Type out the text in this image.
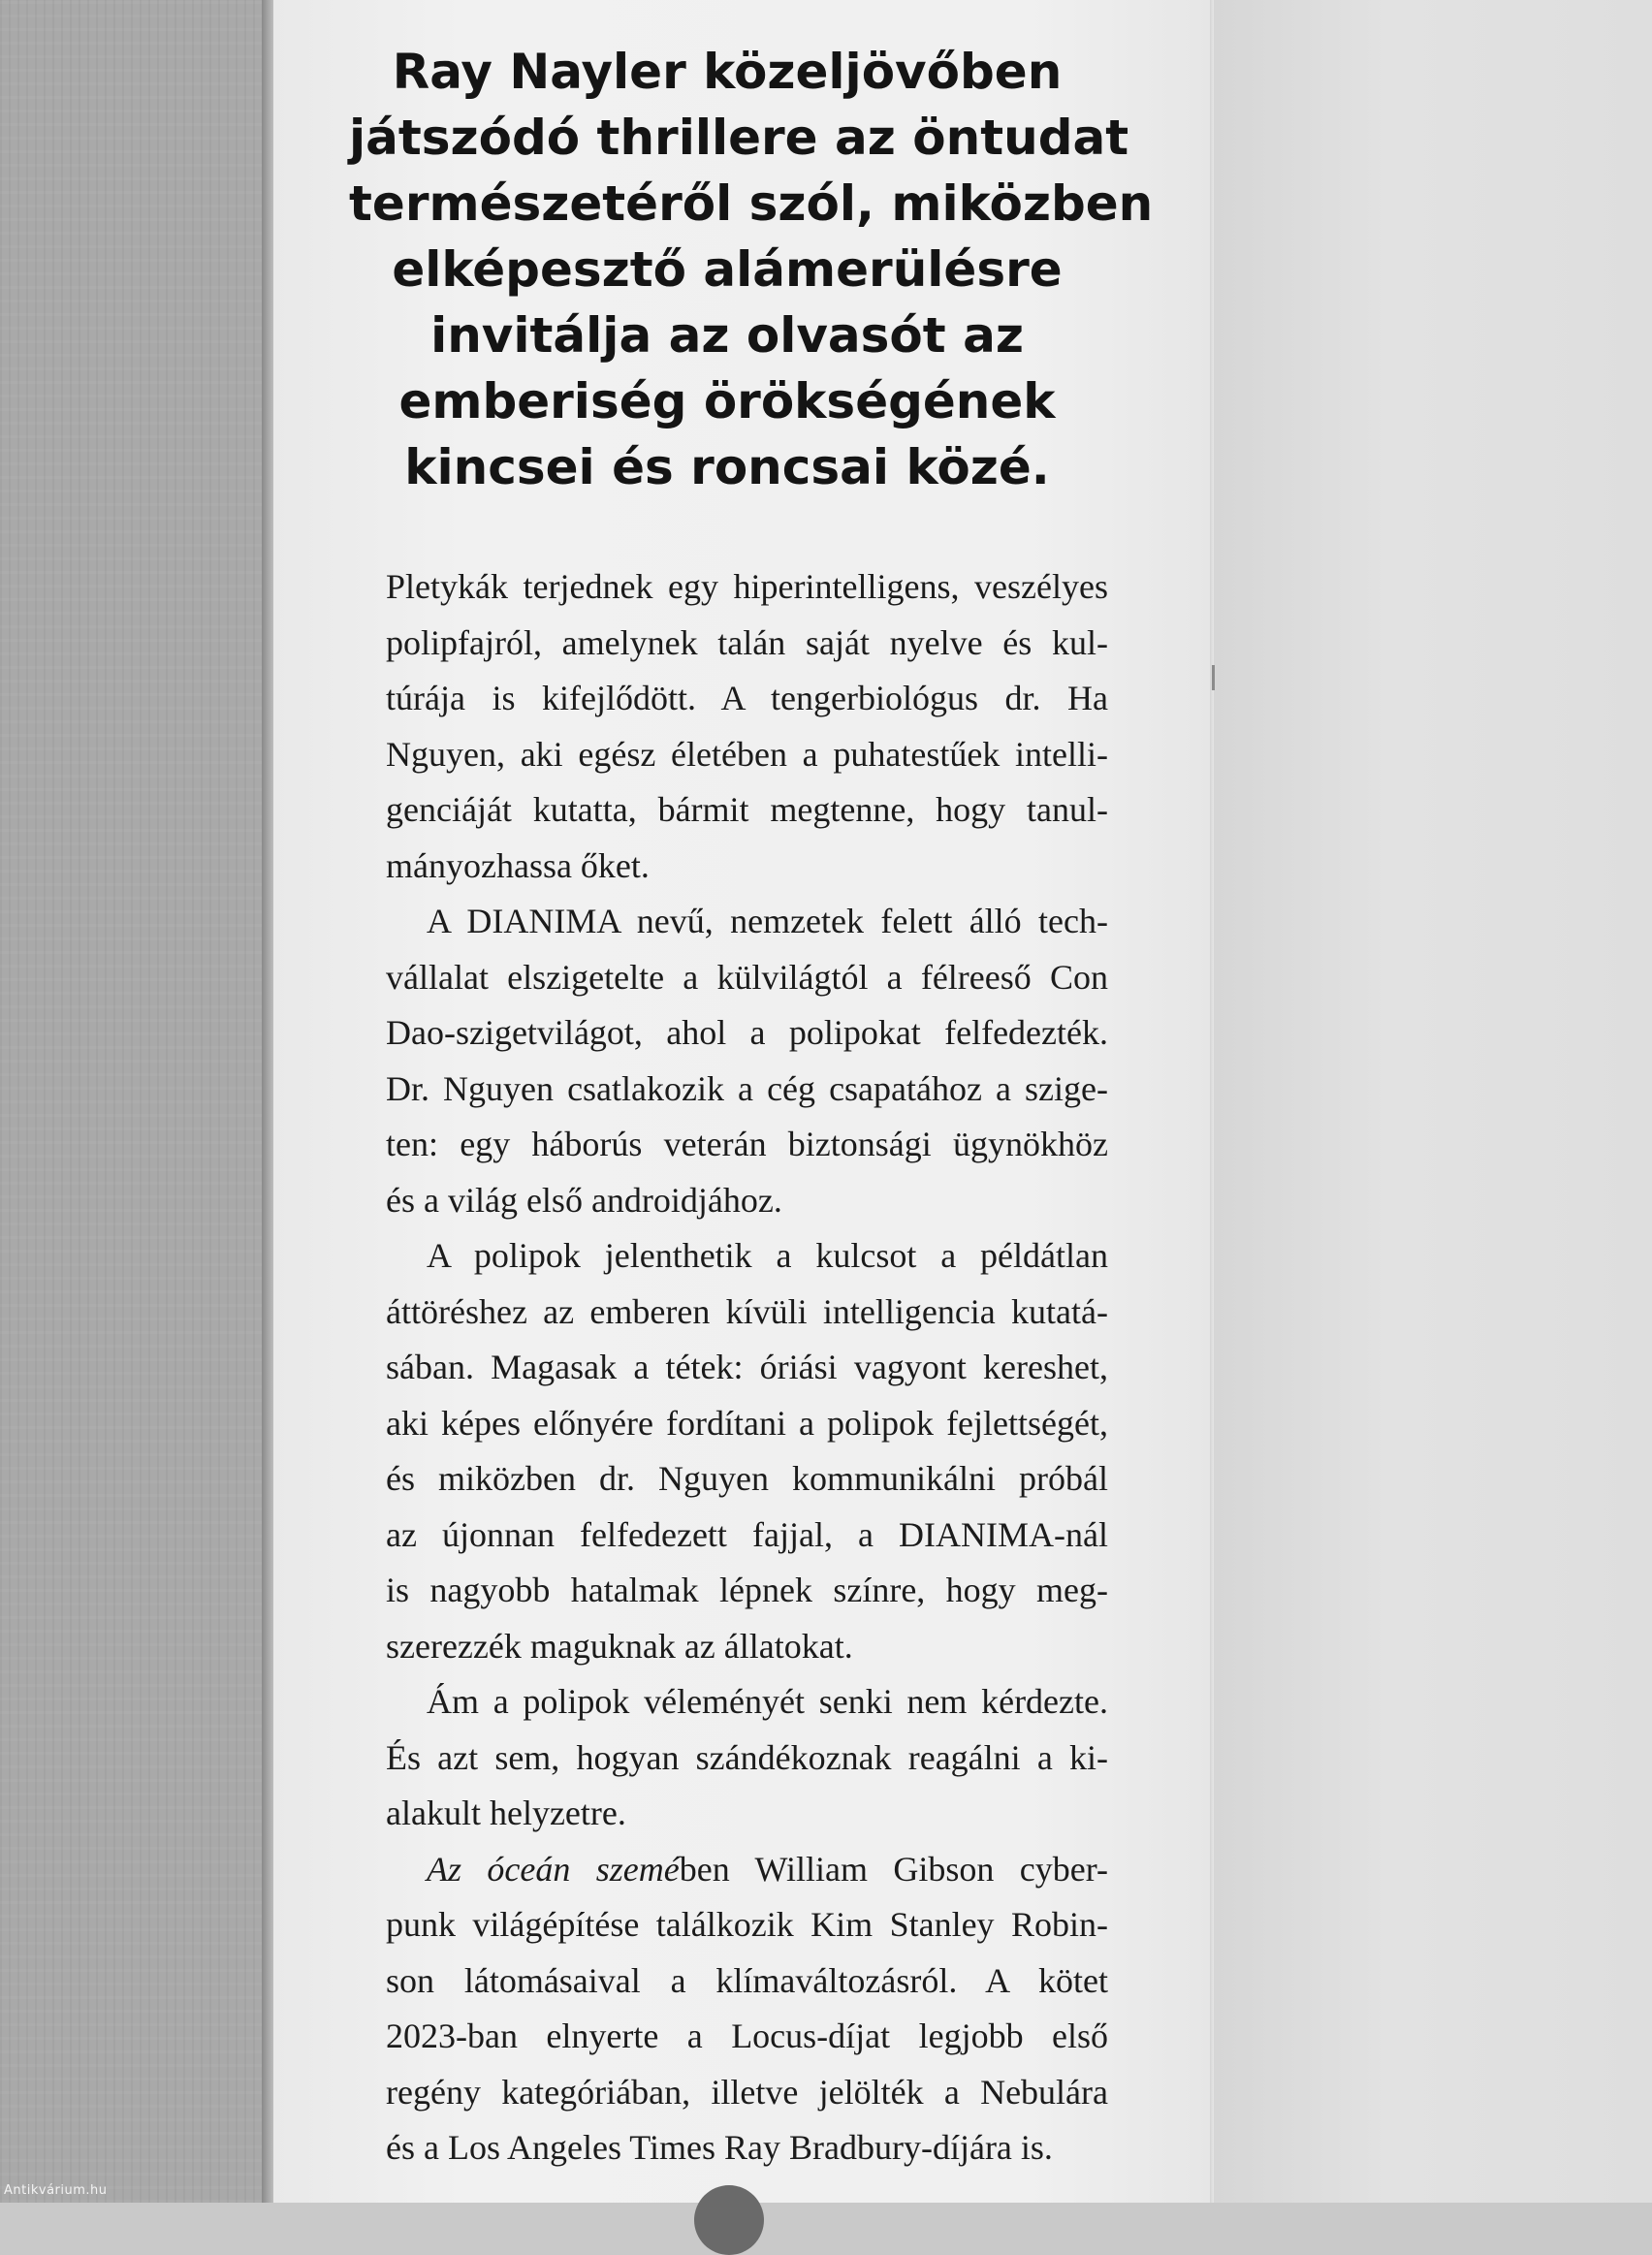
Ray Nayler közeljövőben
játszódó thrillere az öntudat
természetéről szól, miközben
elképesztő alámerülésre
invitálja az olvasót az
emberiség örökségének
kincsei és roncsai közé.
Pletykák terjednek egy hiperintelligens, veszélyes
polipfajról, amelynek talán saját nyelve és kul-
túrája is kifejlődött. A tengerbiológus dr. Ha
Nguyen, aki egész életében a puhatestűek intelli-
genciáját kutatta, bármit megtenne, hogy tanul-
mányozhassa őket.
A DIANIMA nevű, nemzetek felett álló tech-
vállalat elszigetelte a külvilágtól a félreeső Con
Dao-szigetvilágot, ahol a polipokat felfedezték.
Dr. Nguyen csatlakozik a cég csapatához a szige-
ten: egy háborús veterán biztonsági ügynökhöz
és a világ első androidjához.
A polipok jelenthetik a kulcsot a példátlan
áttöréshez az emberen kívüli intelligencia kutatá-
sában. Magasak a tétek: óriási vagyont kereshet,
aki képes előnyére fordítani a polipok fejlettségét,
és miközben dr. Nguyen kommunikálni próbál
az újonnan felfedezett fajjal, a DIANIMA-nál
is nagyobb hatalmak lépnek színre, hogy meg-
szerezzék maguknak az állatokat.
Ám a polipok véleményét senki nem kérdezte.
És azt sem, hogyan szándékoznak reagálni a ki-
alakult helyzetre.
Az óceán szemében William Gibson cyber-
punk világépítése találkozik Kim Stanley Robin-
son látomásaival a klímaváltozásról. A kötet
2023-ban elnyerte a Locus-díjat legjobb első
regény kategóriában, illetve jelölték a Nebulára
és a Los Angeles Times Ray Bradbury-díjára is.
Antikvárium.hu
